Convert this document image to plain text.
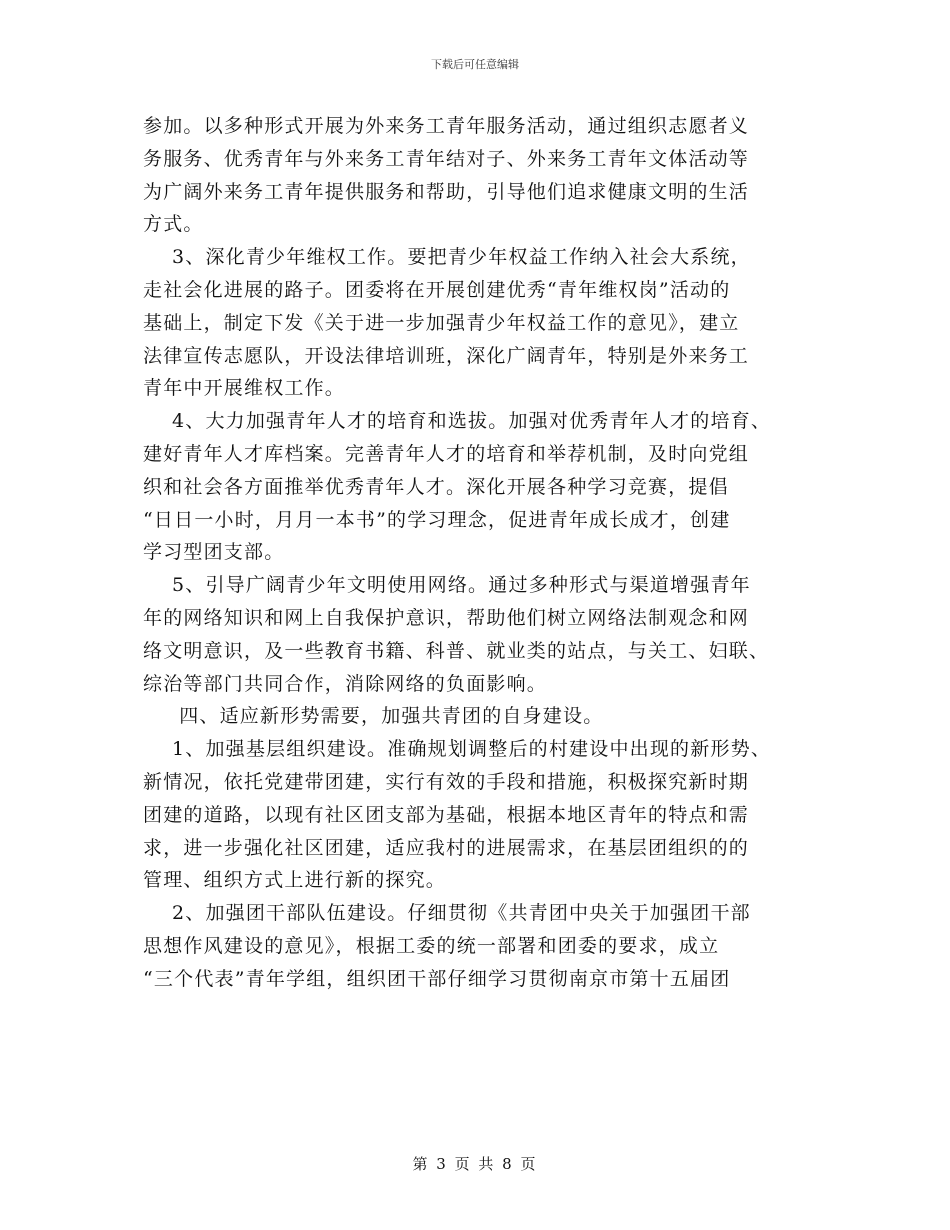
下载后可任意编辑
参加。以多种形式开展为外来务工青年服务活动，通过组织志愿者义
务服务、优秀青年与外来务工青年结对子、外来务工青年文体活动等
为广阔外来务工青年提供服务和帮助，引导他们追求健康文明的生活
方式。
3、深化青少年维权工作。要把青少年权益工作纳入社会大系统，
走社会化进展的路子。团委将在开展创建优秀“青年维权岗”活动的
基础上，制定下发《关于进一步加强青少年权益工作的意见》，建立
法律宣传志愿队，开设法律培训班，深化广阔青年，特别是外来务工
青年中开展维权工作。
4、大力加强青年人才的培育和选拔。加强对优秀青年人才的培育、
建好青年人才库档案。完善青年人才的培育和举荐机制，及时向党组
织和社会各方面推举优秀青年人才。深化开展各种学习竞赛，提倡
“日日一小时，月月一本书”的学习理念，促进青年成长成才，创建
学习型团支部。
5、引导广阔青少年文明使用网络。通过多种形式与渠道增强青年
年的网络知识和网上自我保护意识，帮助他们树立网络法制观念和网
络文明意识，及一些教育书籍、科普、就业类的站点，与关工、妇联、
综治等部门共同合作，消除网络的负面影响。
四、适应新形势需要，加强共青团的自身建设。
1、加强基层组织建设。准确规划调整后的村建设中出现的新形势、
新情况，依托党建带团建，实行有效的手段和措施，积极探究新时期
团建的道路，以现有社区团支部为基础，根据本地区青年的特点和需
求，进一步强化社区团建，适应我村的进展需求，在基层团组织的的
管理、组织方式上进行新的探究。
2、加强团干部队伍建设。仔细贯彻《共青团中央关于加强团干部
思想作风建设的意见》，根据工委的统一部署和团委的要求，成立
“三个代表”青年学组，组织团干部仔细学习贯彻南京市第十五届团
第 3 页 共 8 页
